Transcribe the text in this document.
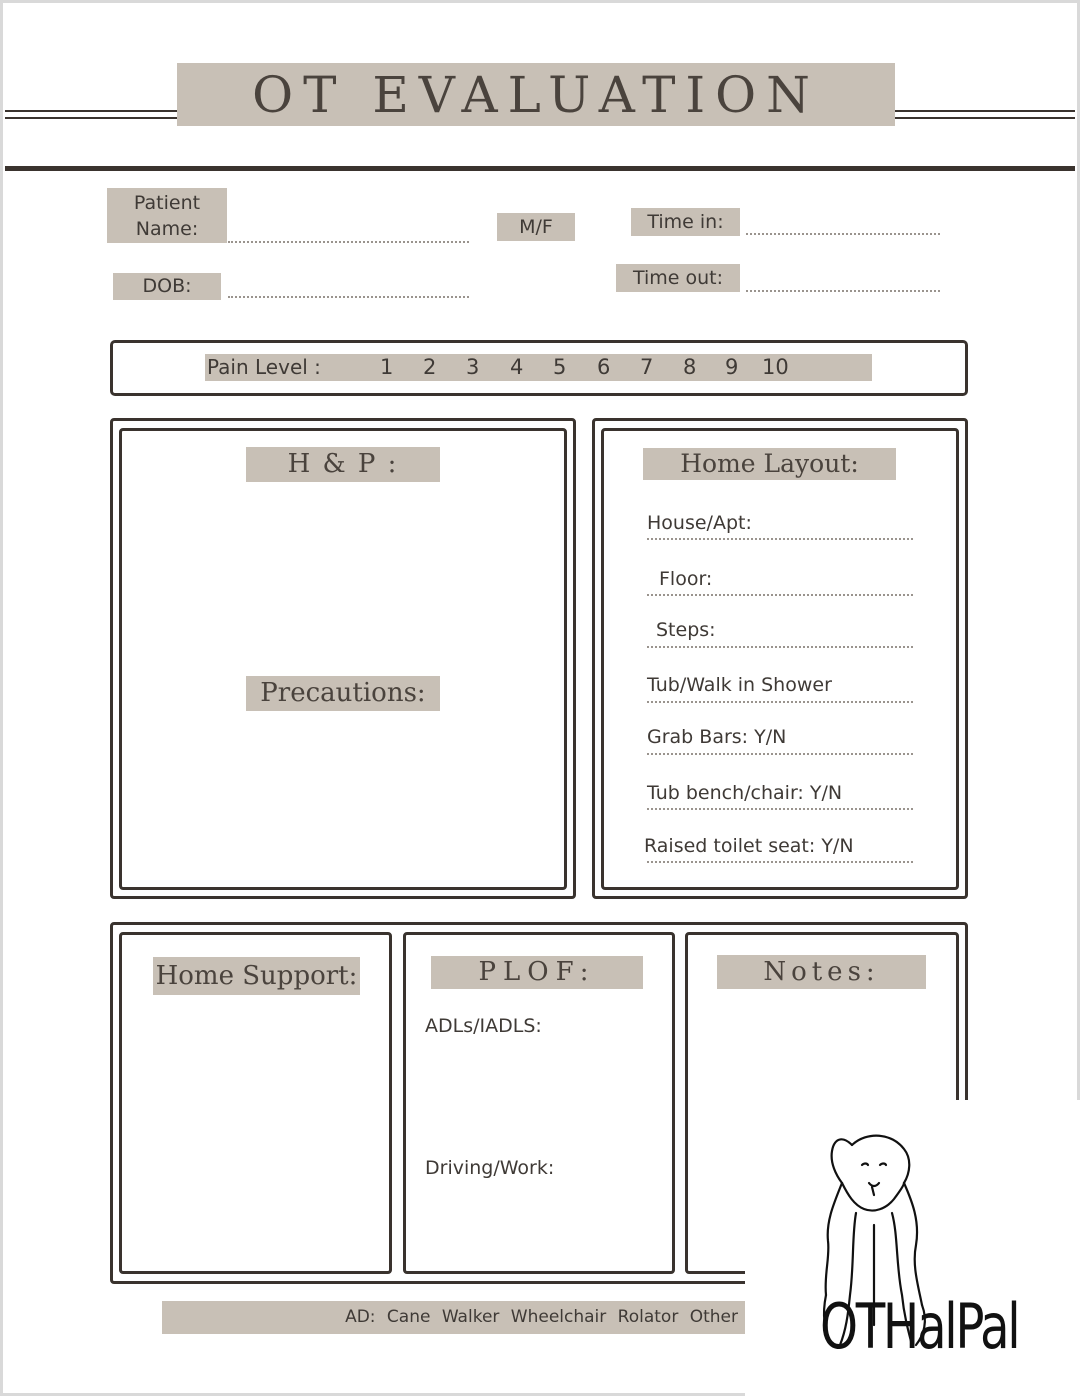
OT EVALUATION
Patient Name:	M/F	Time in:
DOB:	Time out:
Pain Level :	1 2 3 4 5 6 7 8 9 10
H & P :
Precautions:
Home Layout:
House/Apt:
Floor:
Steps:
Tub/Walk in Shower
Grab Bars: Y/N
Tub bench/chair: Y/N
Raised toilet seat: Y/N
Home Support:	PLOF:
ADLs/IADLS:
Driving/Work:
Notes:
AD: Cane Walker Wheelchair Rolator Other OTHalPal
